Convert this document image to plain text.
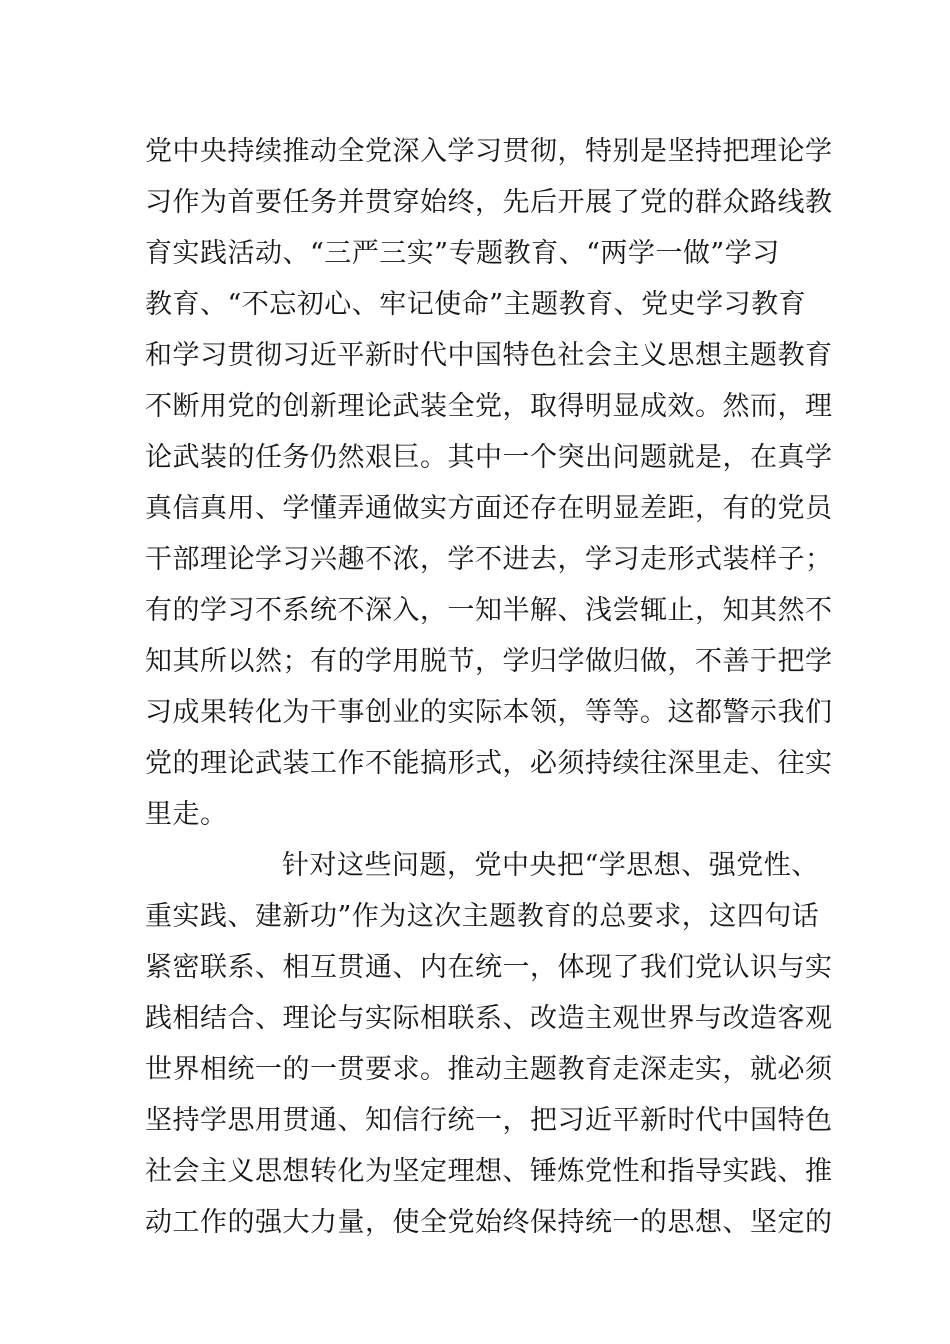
党中央持续推动全党深入学习贯彻，特别是坚持把理论学
习作为首要任务并贯穿始终，先后开展了党的群众路线教
育实践活动、“三严三实”专题教育、“两学一做”学习
教育、“不忘初心、牢记使命”主题教育、党史学习教育
和学习贯彻习近平新时代中国特色社会主义思想主题教育
不断用党的创新理论武装全党，取得明显成效。然而，理
论武装的任务仍然艰巨。其中一个突出问题就是，在真学
真信真用、学懂弄通做实方面还存在明显差距，有的党员
干部理论学习兴趣不浓，学不进去，学习走形式装样子；
有的学习不系统不深入，一知半解、浅尝辄止，知其然不
知其所以然；有的学用脱节，学归学做归做，不善于把学
习成果转化为干事创业的实际本领，等等。这都警示我们
党的理论武装工作不能搞形式，必须持续往深里走、往实
里走。
针对这些问题，党中央把“学思想、强党性、
重实践、建新功”作为这次主题教育的总要求，这四句话
紧密联系、相互贯通、内在统一，体现了我们党认识与实
践相结合、理论与实际相联系、改造主观世界与改造客观
世界相统一的一贯要求。推动主题教育走深走实，就必须
坚持学思用贯通、知信行统一，把习近平新时代中国特色
社会主义思想转化为坚定理想、锤炼党性和指导实践、推
动工作的强大力量，使全党始终保持统一的思想、坚定的
